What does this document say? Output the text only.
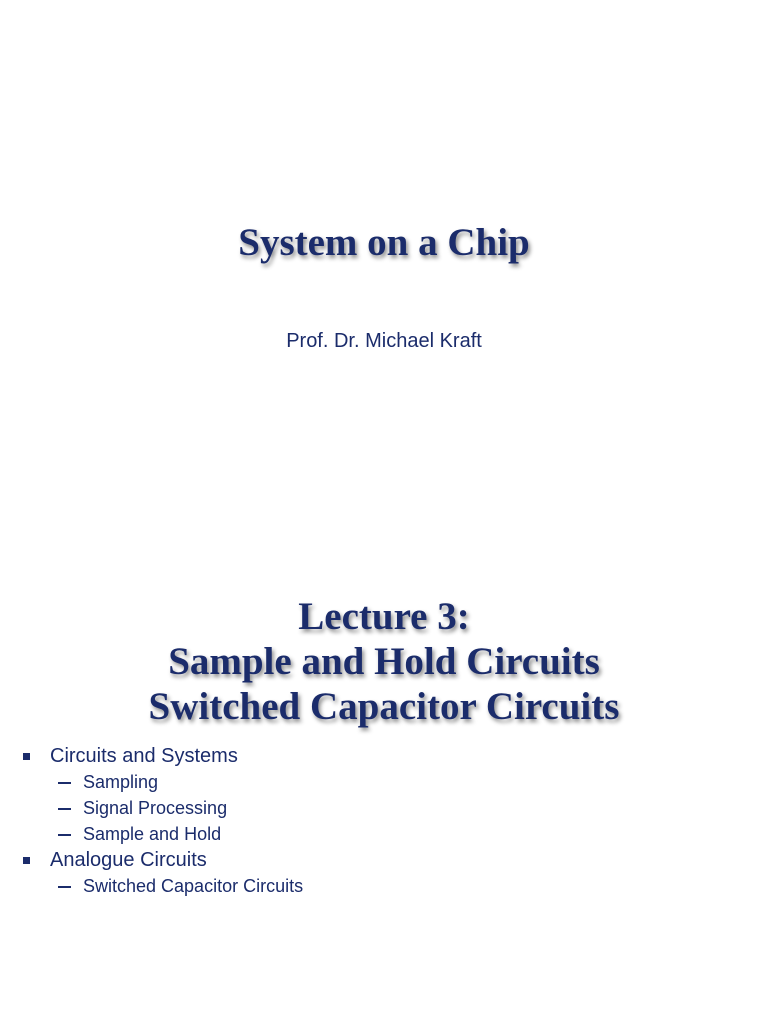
System on a Chip

Prof. Dr. Michael Kraft

Lecture 3:
Sample and Hold Circuits
Switched Capacitor Circuits
Circuits and Systems
Sampling
Signal Processing
Sample and Hold
Analogue Circuits
Switched Capacitor Circuits
